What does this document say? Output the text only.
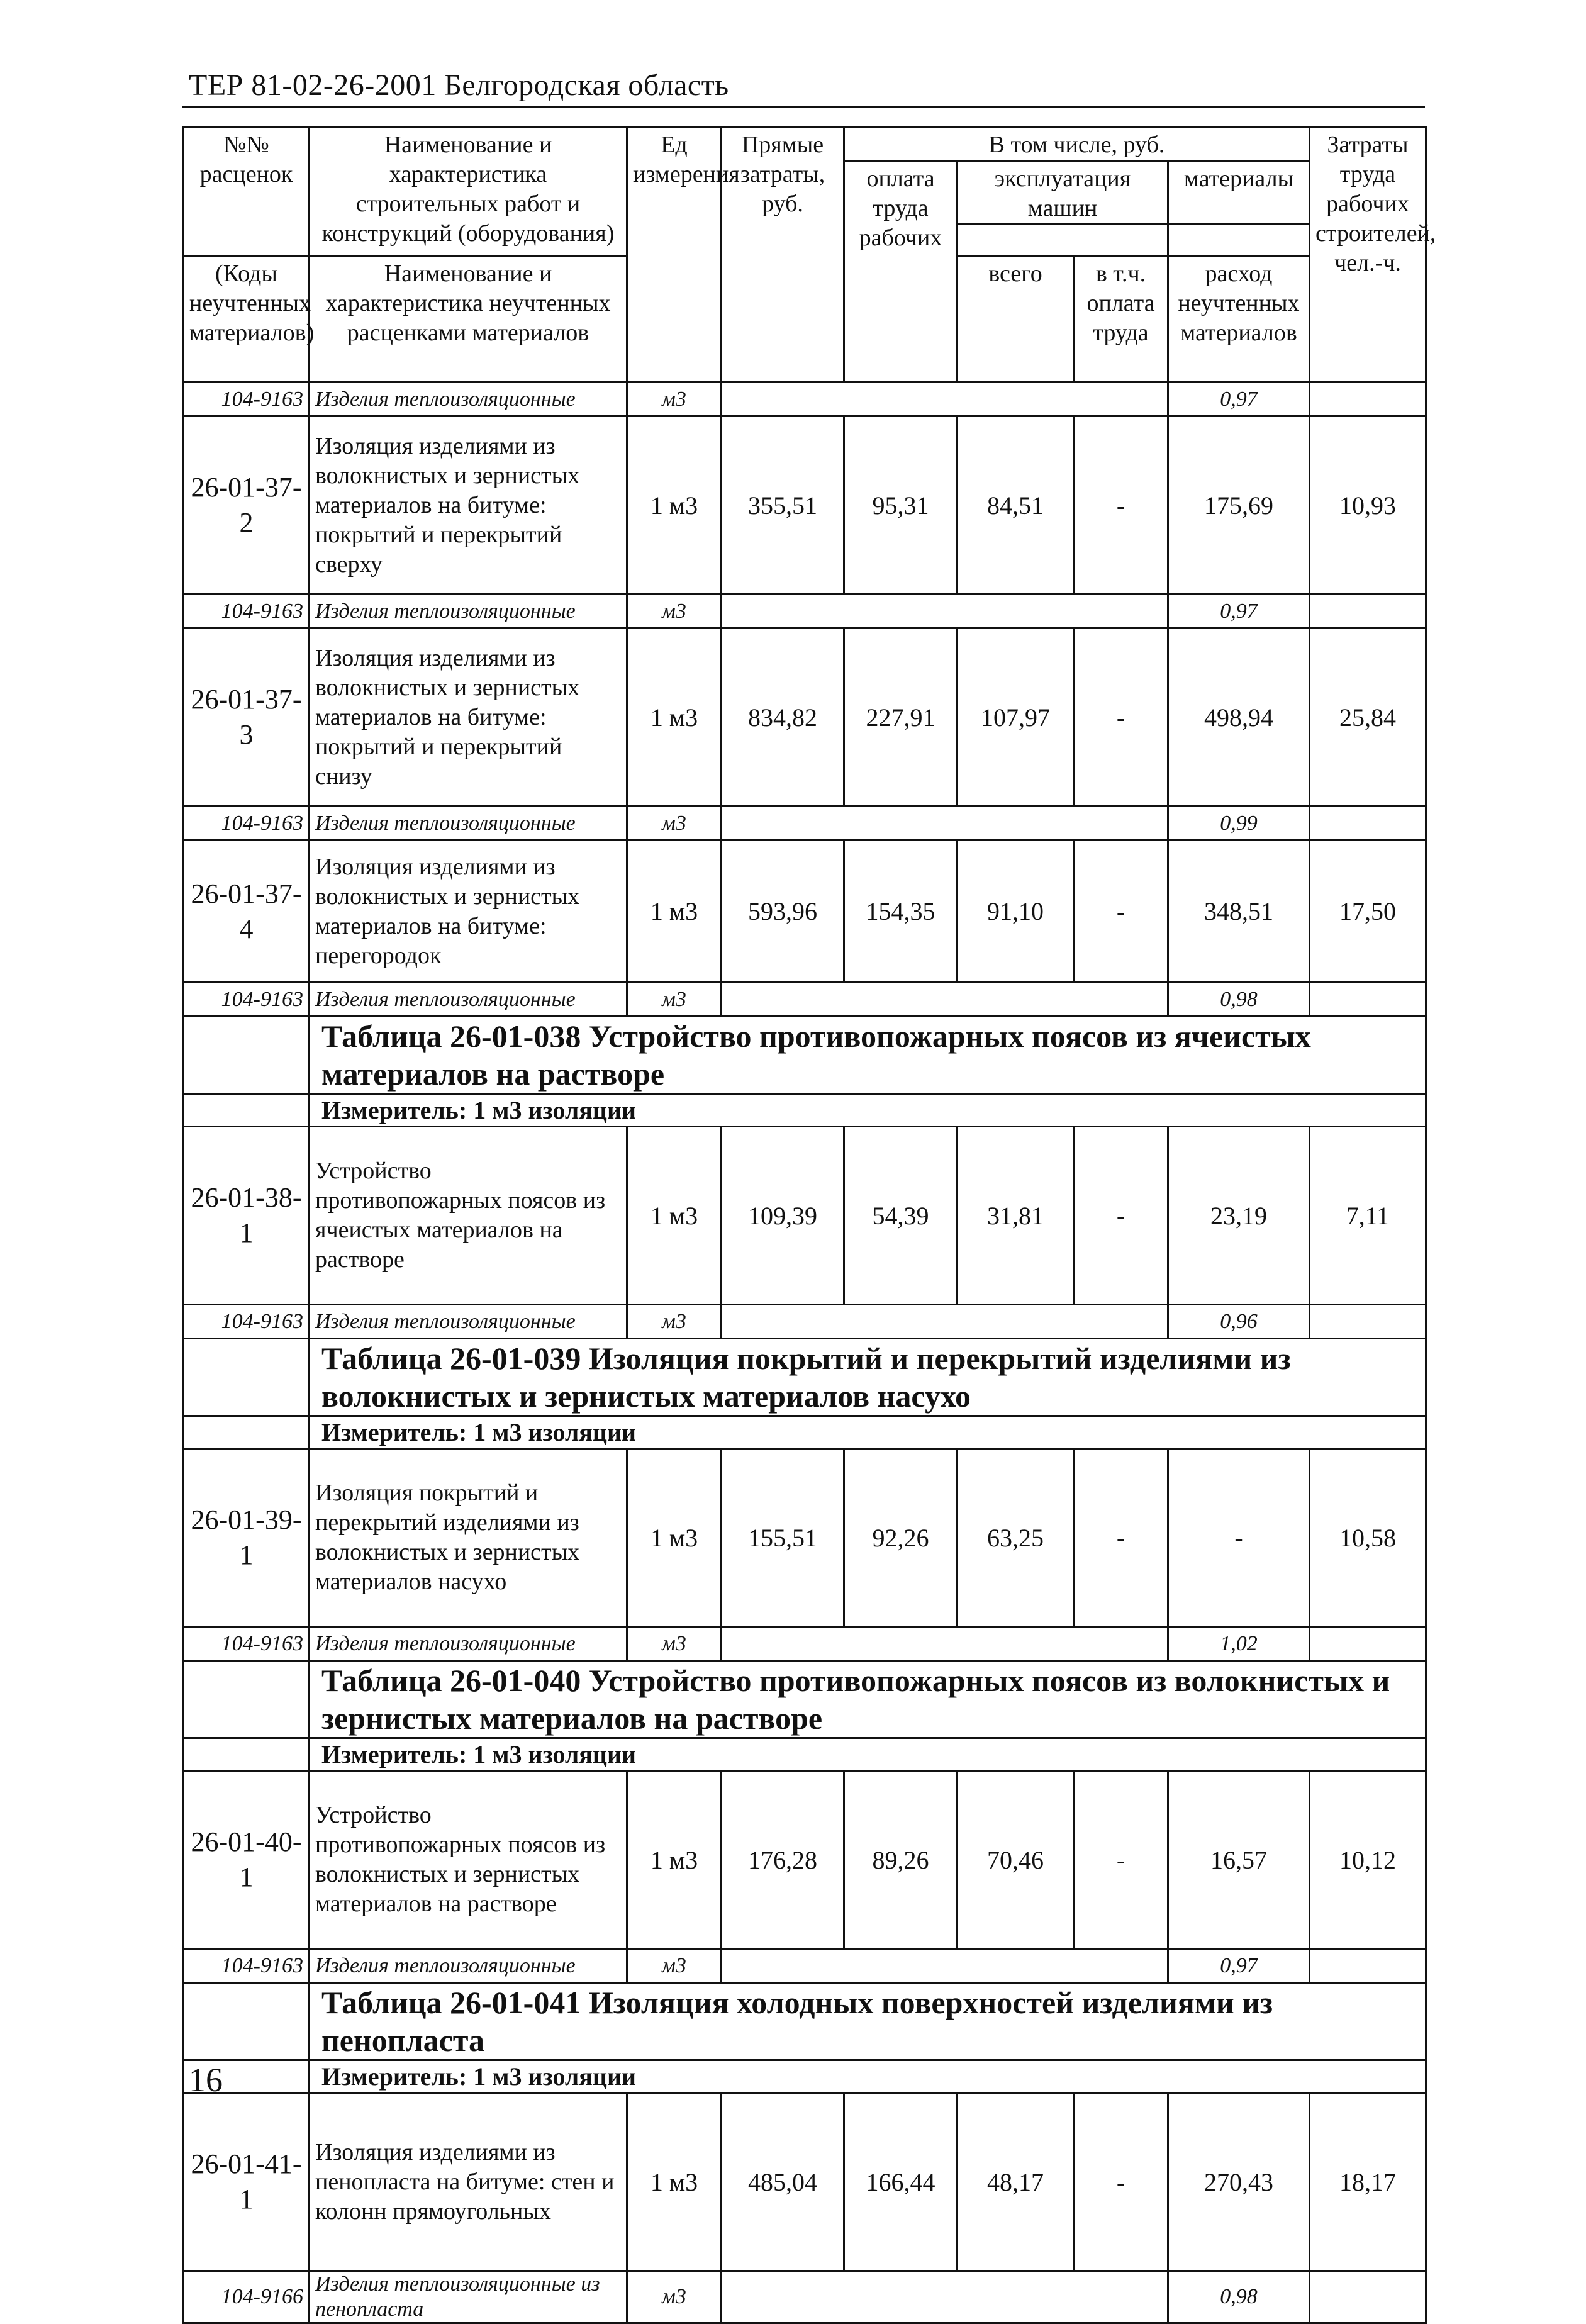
ТЕР 81-02-26-2001 Белгородская область
№№ расценок	Наименование и характеристика строительных работ и конструкций (оборудования)	Ед измерения	Прямые затраты, руб.	В том числе, руб.				Затраты труда рабочих строителей, чел.-ч.
				оплата труда рабочих	эксплуатация машин		материалы	

(Коды неучтенных материалов)	Наименование и характеристика неучтенных расценками материалов				всего	в т.ч. оплата труда	расход неучтенных материалов	

104-9163	Изделия теплоизоляционные	м3					0,97	
26-01-37-2	Изоляция изделиями из волокнистых и зернистых материалов на битуме: покрытий и перекрытий сверху	1 м3	355,51	95,31	84,51	-	175,69	10,93
104-9163	Изделия теплоизоляционные	м3					0,97	
26-01-37-3	Изоляция изделиями из волокнистых и зернистых материалов на битуме: покрытий и перекрытий снизу	1 м3	834,82	227,91	107,97	-	498,94	25,84
104-9163	Изделия теплоизоляционные	м3					0,99	
26-01-37-4	Изоляция изделиями из волокнистых и зернистых материалов на битуме: перегородок	1 м3	593,96	154,35	91,10	-	348,51	17,50
104-9163	Изделия теплоизоляционные	м3					0,98	
	Таблица 26-01-038 Устройство противопожарных поясов из ячеистых материалов на растворе							
	Измеритель: 1 м3 изоляции							
26-01-38-1	Устройство противопожарных поясов из ячеистых материалов на растворе	1 м3	109,39	54,39	31,81	-	23,19	7,11
104-9163	Изделия теплоизоляционные	м3					0,96	
	Таблица 26-01-039 Изоляция покрытий и перекрытий изделиями из волокнистых и зернистых материалов насухо							
	Измеритель: 1 м3 изоляции							
26-01-39-1	Изоляция покрытий и перекрытий изделиями из волокнистых и зернистых материалов насухо	1 м3	155,51	92,26	63,25	-	-	10,58
104-9163	Изделия теплоизоляционные	м3					1,02	
	Таблица 26-01-040 Устройство противопожарных поясов из волокнистых и зернистых материалов на растворе							
	Измеритель: 1 м3 изоляции							
26-01-40-1	Устройство противопожарных поясов из волокнистых и зернистых материалов на растворе	1 м3	176,28	89,26	70,46	-	16,57	10,12
104-9163	Изделия теплоизоляционные	м3					0,97	
	Таблица 26-01-041 Изоляция холодных поверхностей изделиями из пенопласта							
	Измеритель: 1 м3 изоляции							
26-01-41-1	Изоляция изделиями из пенопласта на битуме: стен и колонн прямоугольных	1 м3	485,04	166,44	48,17	-	270,43	18,17
104-9166	Изделия теплоизоляционные из пенопласта	м3					0,98	
16
